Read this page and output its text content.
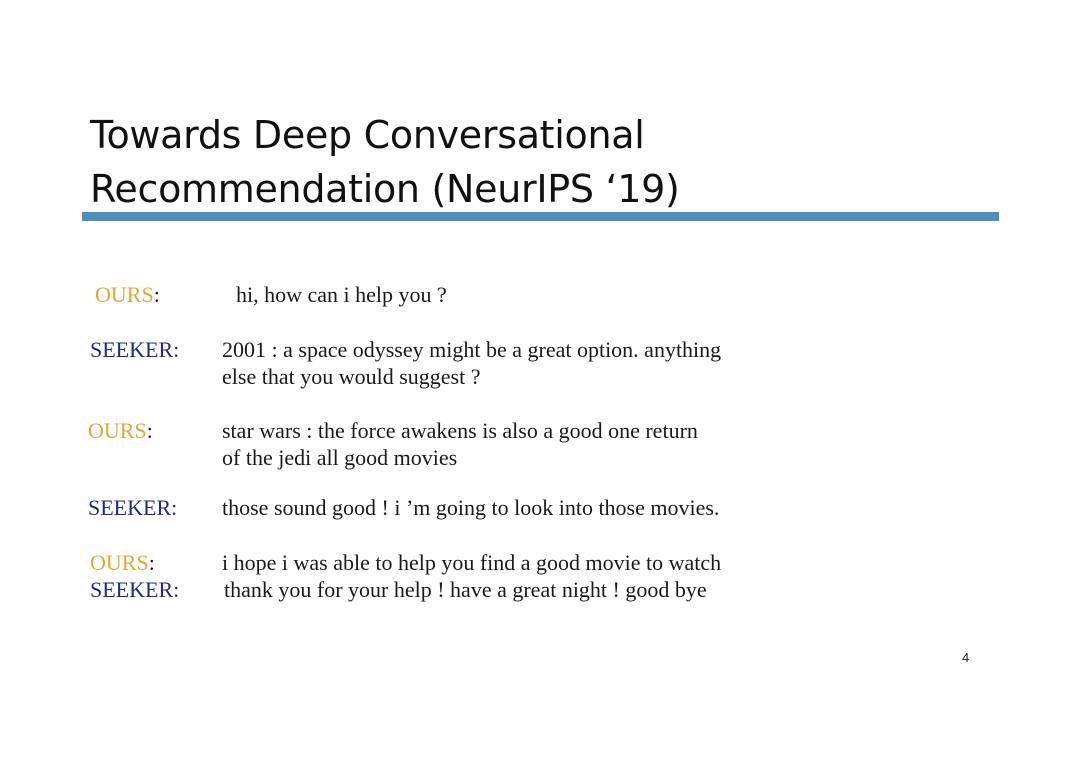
Towards Deep Conversational
Recommendation (NeurIPS ‘19)
OURS:	hi, how can i help you ?
SEEKER: 2001 : a space odyssey might be a great option. anything
else that you would suggest ?
OURS:	star wars : the force awakens is also a good one return
of the jedi all good movies
SEEKER: those sound good ! i ’m going to look into those movies.
OURS:	i hope i was able to help you find a good movie to watch
SEEKER: thank you for your help ! have a great night ! good bye
4
